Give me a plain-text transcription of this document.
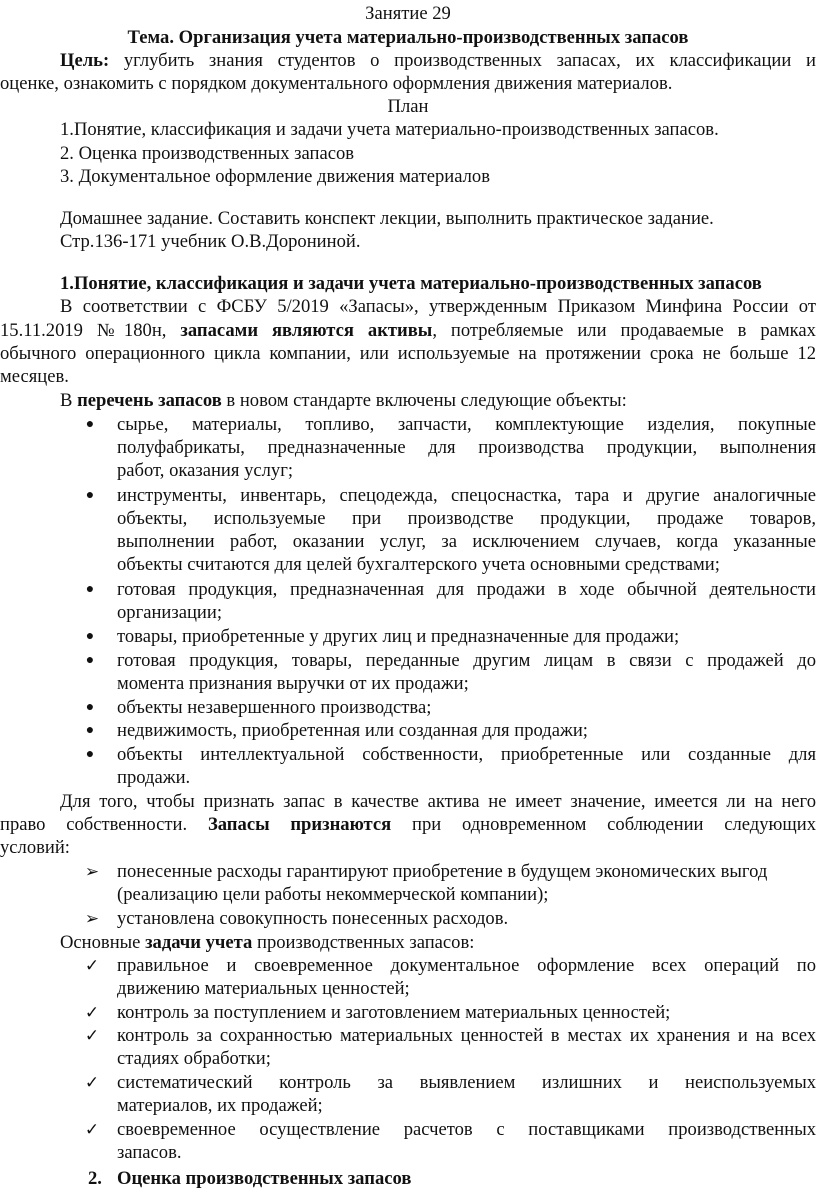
Занятие 29
Тема. Организация учета материально-производственных запасов
Цель: углубить знания студентов о производственных запасах, их классификации и
оценке, ознакомить с порядком документального оформления движения материалов.
План
1.Понятие, классификация и задачи учета материально-производственных запасов.
2. Оценка производственных запасов
3. Документальное оформление движения материалов
Домашнее задание. Составить конспект лекции, выполнить практическое задание.
Стр.136-171 учебник О.В.Дорониной.
1.Понятие, классификация и задачи учета материально-производственных запасов
В соответствии с ФСБУ 5/2019 «Запасы», утвержденным Приказом Минфина России от
15.11.2019 №180н, запасами являются активы, потребляемые или продаваемые в рамках
обычного операционного цикла компании, или используемые на протяжении срока не больше 12
месяцев.
В перечень запасов в новом стандарте включены следующие объекты:
●	сырье, материалы, топливо, запчасти, комплектующие изделия, покупные
полуфабрикаты, предназначенные для производства продукции, выполнения
работ, оказания услуг;
●	инструменты, инвентарь, спецодежда, спецоснастка, тара и другие аналогичные
объекты, используемые при производстве продукции, продаже товаров,
выполнении работ, оказании услуг, за исключением случаев, когда указанные
объекты считаются для целей бухгалтерского учета основными средствами;
●	готовая продукция, предназначенная для продажи в ходе обычной деятельности
организации;
●	товары, приобретенные у других лиц и предназначенные для продажи;
●	готовая продукция, товары, переданные другим лицам в связи с продажей до
момента признания выручки от их продажи;
●	объекты незавершенного производства;
●	недвижимость, приобретенная или созданная для продажи;
●	объекты интеллектуальной собственности, приобретенные или созданные для
продажи.
Для того, чтобы признать запас в качестве актива не имеет значение, имеется ли на него
право собственности. Запасы признаются при одновременном соблюдении следующих
условий:
➢ понесенные расходы гарантируют приобретение в будущем экономических выгод
(реализацию цели работы некоммерческой компании);
➢ установлена совокупность понесенных расходов.
Основные задачи учета производственных запасов:
✓ правильное и своевременное документальное оформление всех операций по
движению материальных ценностей;
✓ контроль за поступлением и заготовлением материальных ценностей;
✓ контроль за сохранностью материальных ценностей в местах их хранения и на всех
стадиях обработки;
✓ систематический контроль за выявлением излишних и неиспользуемых
материалов, их продажей;
✓ своевременное осуществление расчетов с поставщиками производственных
запасов.
2. Оценка производственных запасов
